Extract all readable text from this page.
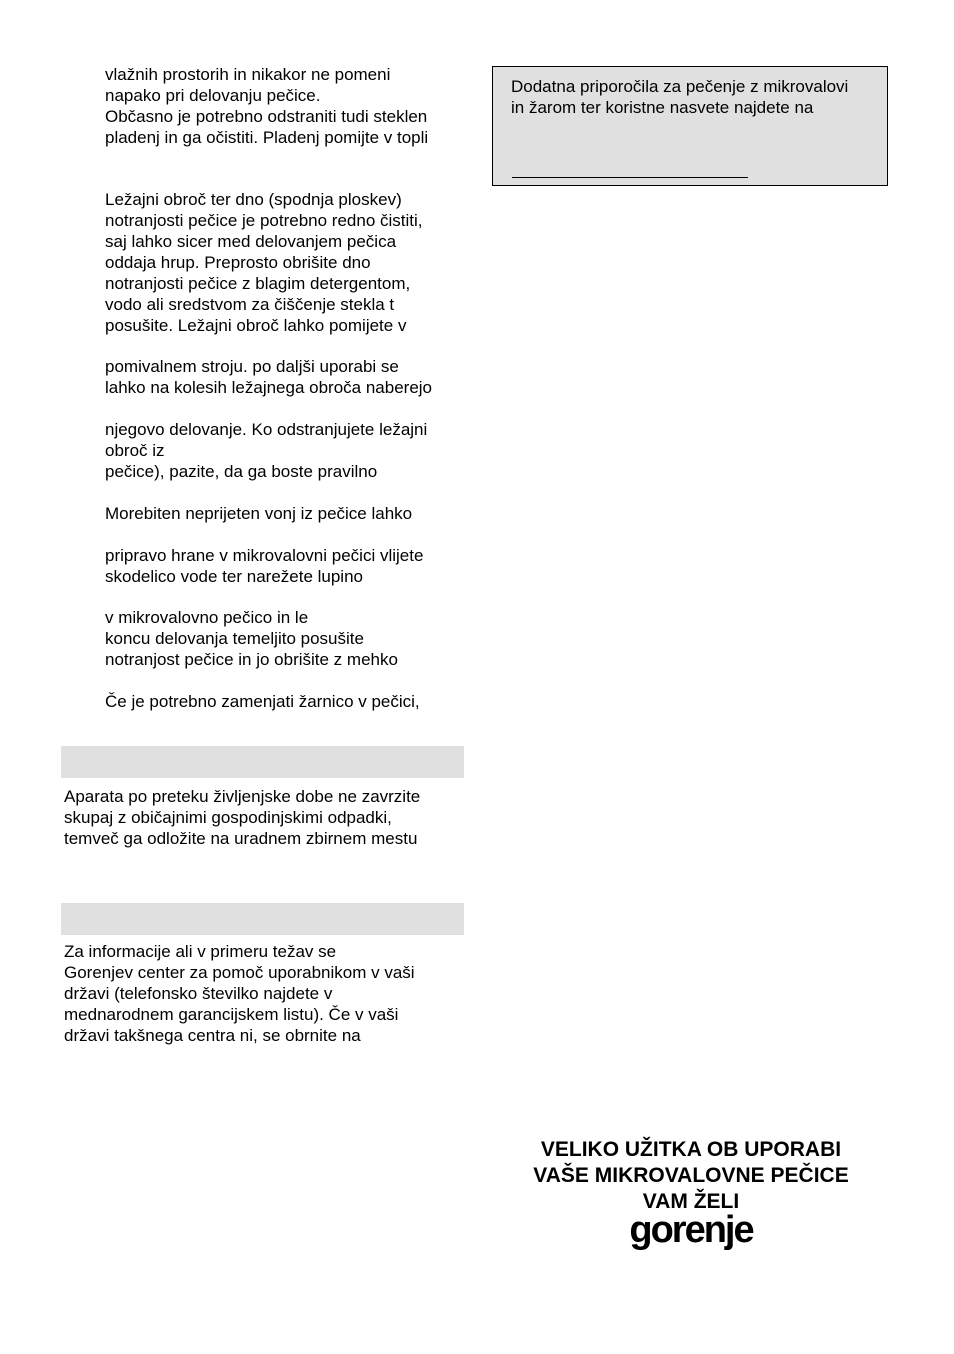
vlažnih prostorih in nikakor ne pomeni
napako pri delovanju pečice.
Občasno je potrebno odstraniti tudi steklen
pladenj in ga očistiti. Pladenj pomijte v topli

Ležajni obroč ter dno (spodnja ploskev)
notranjosti pečice je potrebno redno čistiti,
saj lahko sicer med delovanjem pečica
oddaja hrup. Preprosto obrišite dno
notranjosti pečice z blagim detergentom,
vodo ali sredstvom za čiščenje stekla t
posušite. Ležajni obroč lahko pomijete v

pomivalnem stroju. po daljši uporabi se
lahko na kolesih ležajnega obroča naberejo

njegovo delovanje. Ko odstranjujete ležajni
obroč iz
pečice), pazite, da ga boste pravilno

Morebiten neprijeten vonj iz pečice lahko

pripravo hrane v mikrovalovni pečici vlijete
skodelico vode ter narežete lupino

v mikrovalovno pečico in le
koncu delovanja temeljito posušite
notranjost pečice in jo obrišite z mehko

Če je potrebno zamenjati žarnico v pečici,

Aparata po preteku življenjske dobe ne zavrzite
skupaj z običajnimi gospodinjskimi odpadki,
temveč ga odložite na uradnem zbirnem mestu

Za informacije ali v primeru težav se
Gorenjev center za pomoč uporabnikom v vaši
državi (telefonsko številko najdete v
mednarodnem garancijskem listu). Če v vaši
državi takšnega centra ni, se obrnite na

Dodatna priporočila za pečenje z mikrovalovi
in žarom ter koristne nasvete najdete na

VELIKO UŽITKA OB UPORABI
VAŠE MIKROVALOVNE PEČICE
VAM ŽELI

gorenje
